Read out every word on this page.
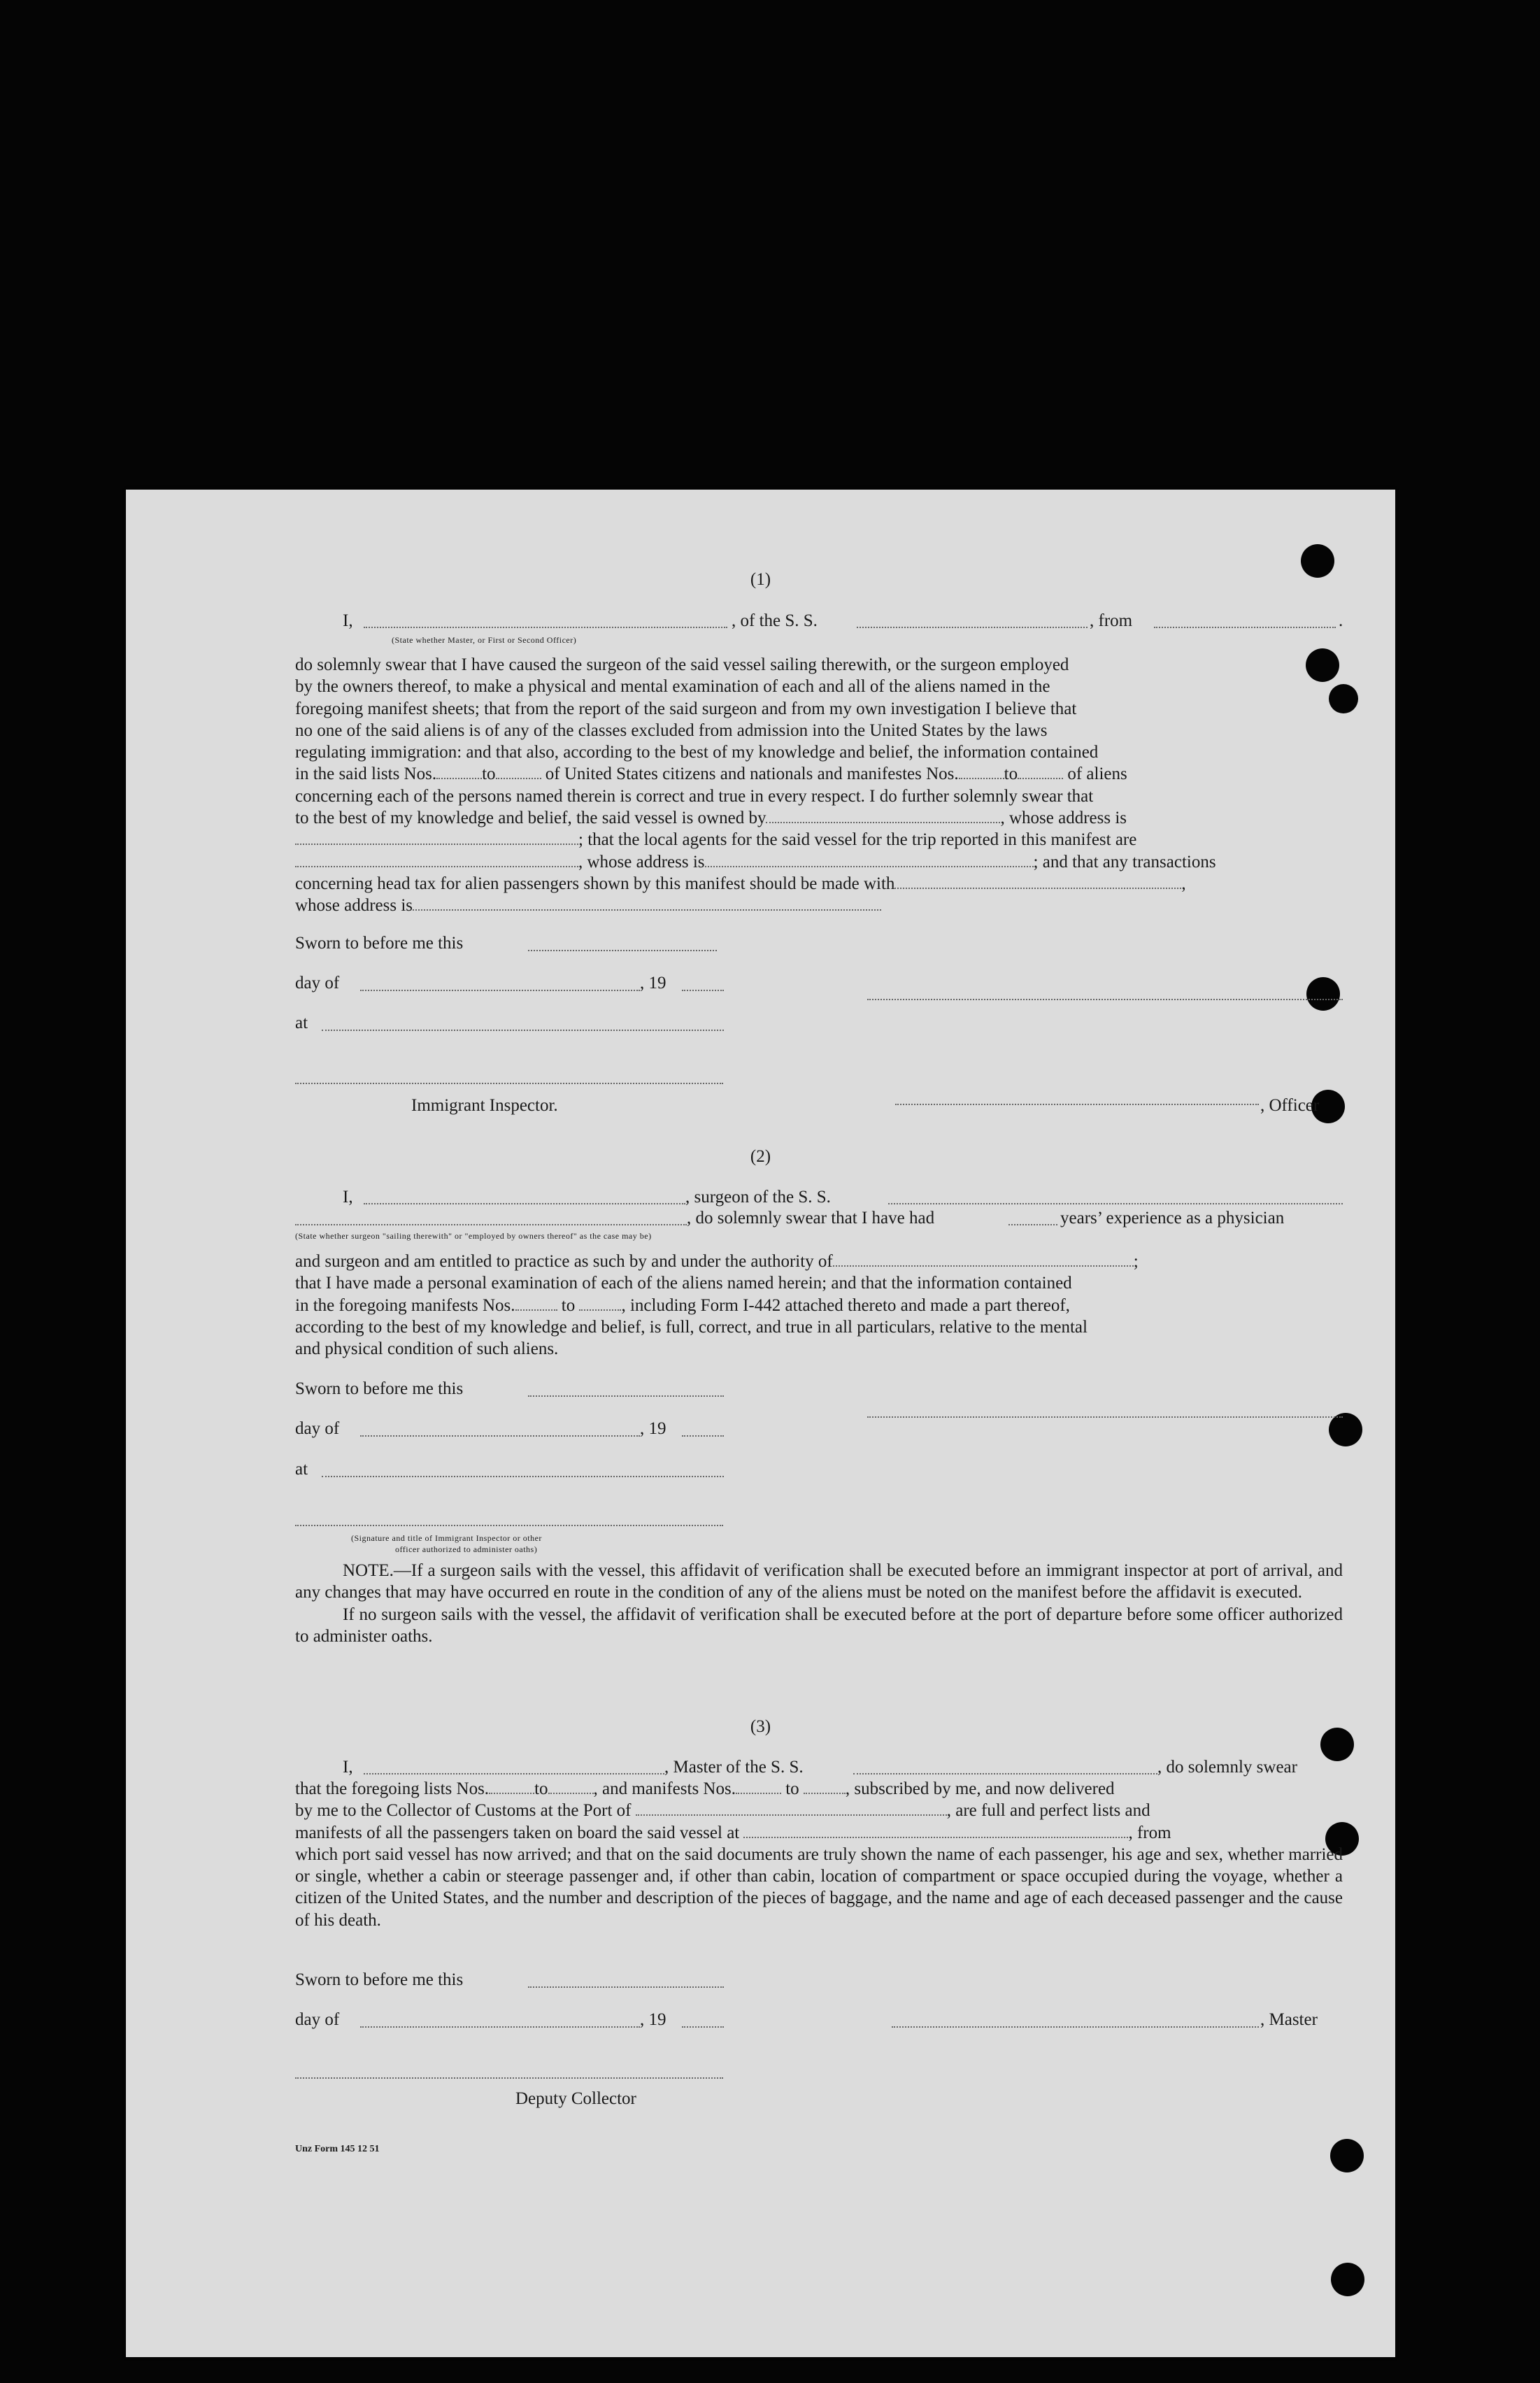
(1)
I,	, of the S. S.	, from	.
(State whether Master, or First or Second Officer)

do solemnly swear that I have caused the surgeon of the said vessel sailing therewith, or the surgeon employed

by the owners thereof, to make a physical and mental examination of each and all of the aliens named in the

foregoing manifest sheets; that from the report of the said surgeon and from my own investigation I believe that

no one of the said aliens is of any of the classes excluded from admission into the United States by the laws

regulating immigration: and that also, according to the best of my knowledge and belief, the information contained

in the said lists Nos.	to	of United States citizens and nationals and manifestes Nos.	to	of aliens

concerning each of the persons named therein is correct and true in every respect. I do further solemnly swear that

to the best of my knowledge and belief, the said vessel is owned by	, whose address is

; that the local agents for the said vessel for the trip reported in this manifest are

, whose address is	; and that any transactions

concerning head tax for alien passengers shown by this manifest should be made with	,

whose address is

Sworn to before me this
day of	, 19
at
Immigrant Inspector.	, Officer
(2)
I,	, surgeon of the S. S.
, do solemnly swear that I have had	years’ experience as a physician
(State whether surgeon "sailing therewith" or "employed by owners thereof" as the case may be)

and surgeon and am entitled to practice as such by and under the authority of	;

that I have made a personal examination of each of the aliens named herein; and that the information contained

in the foregoing manifests Nos.	to	, including Form I-442 attached thereto and made a part thereof,

according to the best of my knowledge and belief, is full, correct, and true in all particulars, relative to the mental

and physical condition of such aliens.

Sworn to before me this
day of	, 19
at
(Signature and title of Immigrant Inspector or other
officer authorized to administer oaths)

NOTE.—If a surgeon sails with the vessel, this affidavit of verification shall be executed before an immigrant inspector at port of arrival, and any changes that may have occurred en route in the condition of any of the aliens must be noted on the manifest before the affidavit is executed.

If no surgeon sails with the vessel, the affidavit of verification shall be executed before at the port of departure before some officer authorized to administer oaths.

(3)
I,	, Master of the S. S.	, do solemnly swear

that the foregoing lists Nos.	to	, and manifests Nos.	to	, subscribed by me, and now delivered

by me to the Collector of Customs at the Port of	, are full and perfect lists and

manifests of all the passengers taken on board the said vessel at	, from

which port said vessel has now arrived; and that on the said documents are truly shown the name of each passenger, his age and sex, whether married or single, whether a cabin or steerage passenger and, if other than cabin, location of compartment or space occupied during the voyage, whether a citizen of the United States, and the number and description of the pieces of baggage, and the name and age of each deceased passenger and the cause of his death.

Sworn to before me this
day of	, 19	, Master
Deputy Collector
Unz Form 145 12 51
